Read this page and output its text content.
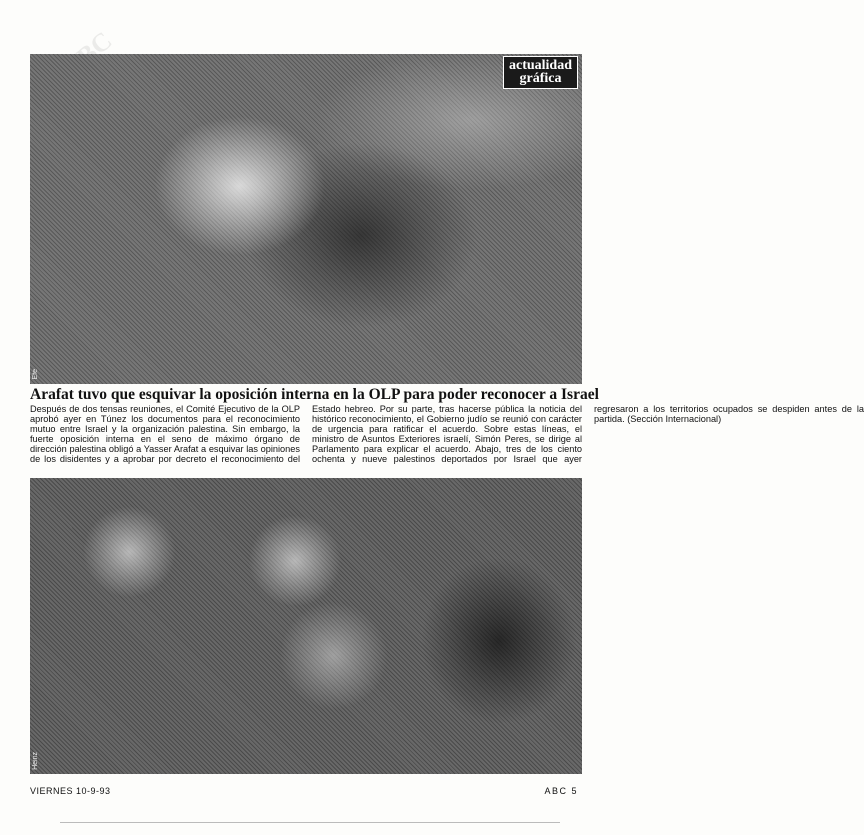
actualidad
gráfica
Efe
Arafat tuvo que esquivar la oposición interna en la OLP para poder reconocer a Israel

Después de dos tensas reuniones, el Comité Ejecutivo de la OLP aprobó ayer en Túnez los documentos para el reconocimiento mutuo entre Israel y la organización palestina. Sin embargo, la fuerte oposición interna en el seno de máximo órgano de dirección palestina obligó a Yasser Arafat a esquivar las opiniones de los disidentes y a aprobar por decreto el reconocimiento del Estado hebreo. Por su parte, tras hacerse pública la noticia del histórico reconocimiento, el Gobierno judío se reunió con carácter de urgencia para ratificar el acuerdo. Sobre estas líneas, el ministro de Asuntos Exteriores israelí, Simón Peres, se dirige al Parlamento para explicar el acuerdo. Abajo, tres de los ciento ochenta y nueve palestinos deportados por Israel que ayer regresaron a los territorios ocupados se despiden antes de la partida. (Sección Internacional)

Heinz
VIERNES 10-9-93	ABC 5
